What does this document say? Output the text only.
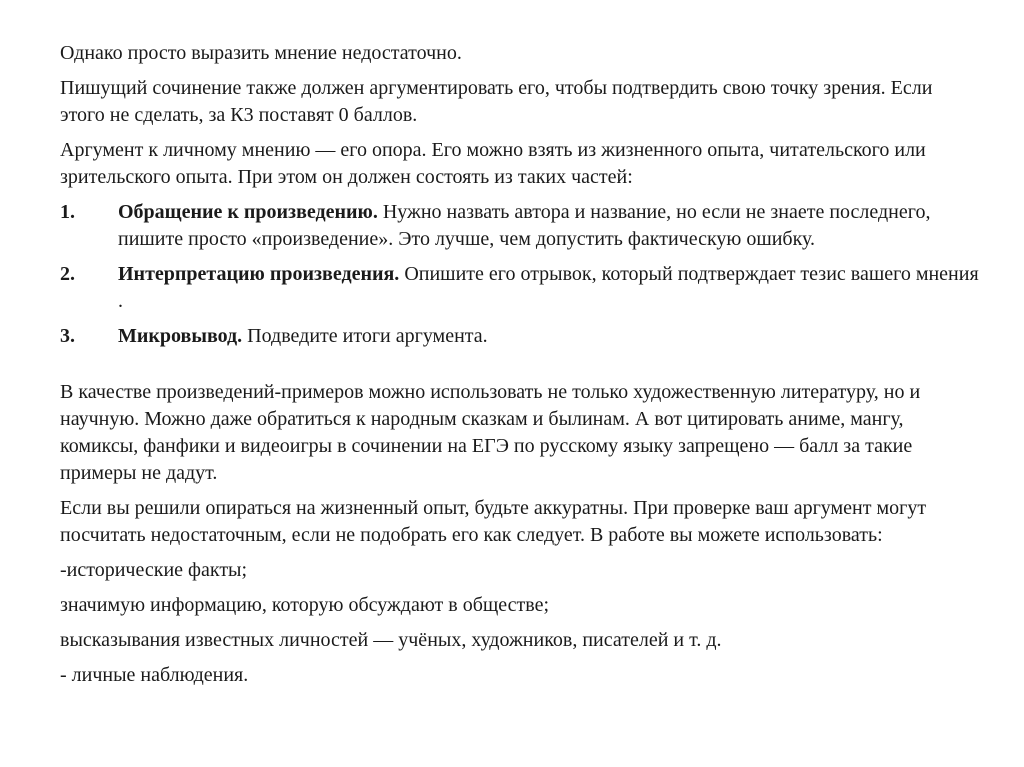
Однако просто выразить мнение недостаточно.

Пишущий сочинение также должен аргументировать его, чтобы подтвердить свою точку зрения. Если этого не сделать, за К3 поставят 0 баллов.

Аргумент к личному мнению — его опора. Его можно взять из жизненного опыта, читательского или зрительского опыта. При этом он должен состоять из таких частей:

1.	Обращение к произведению. Нужно назвать автора и название, но если не знаете последнего, пишите просто «произведение». Это лучше, чем допустить фактическую ошибку.
2.	Интерпретацию произведения. Опишите его отрывок, который подтверждает тезис вашего мнения .
3.	Микровывод. Подведите итоги аргумента.

В качестве произведений-примеров можно использовать не только художественную литературу, но и научную. Можно даже обратиться к народным сказкам и былинам. А вот цитировать аниме, мангу, комиксы, фанфики и видеоигры в сочинении на ЕГЭ по русскому языку запрещено — балл за такие примеры не дадут.

Если вы решили опираться на жизненный опыт, будьте аккуратны. При проверке ваш аргумент могут посчитать недостаточным, если не подобрать его как следует. В работе вы можете использовать:

-исторические факты;

значимую информацию, которую обсуждают в обществе;

высказывания известных личностей — учёных, художников, писателей и т. д.

- личные наблюдения.
